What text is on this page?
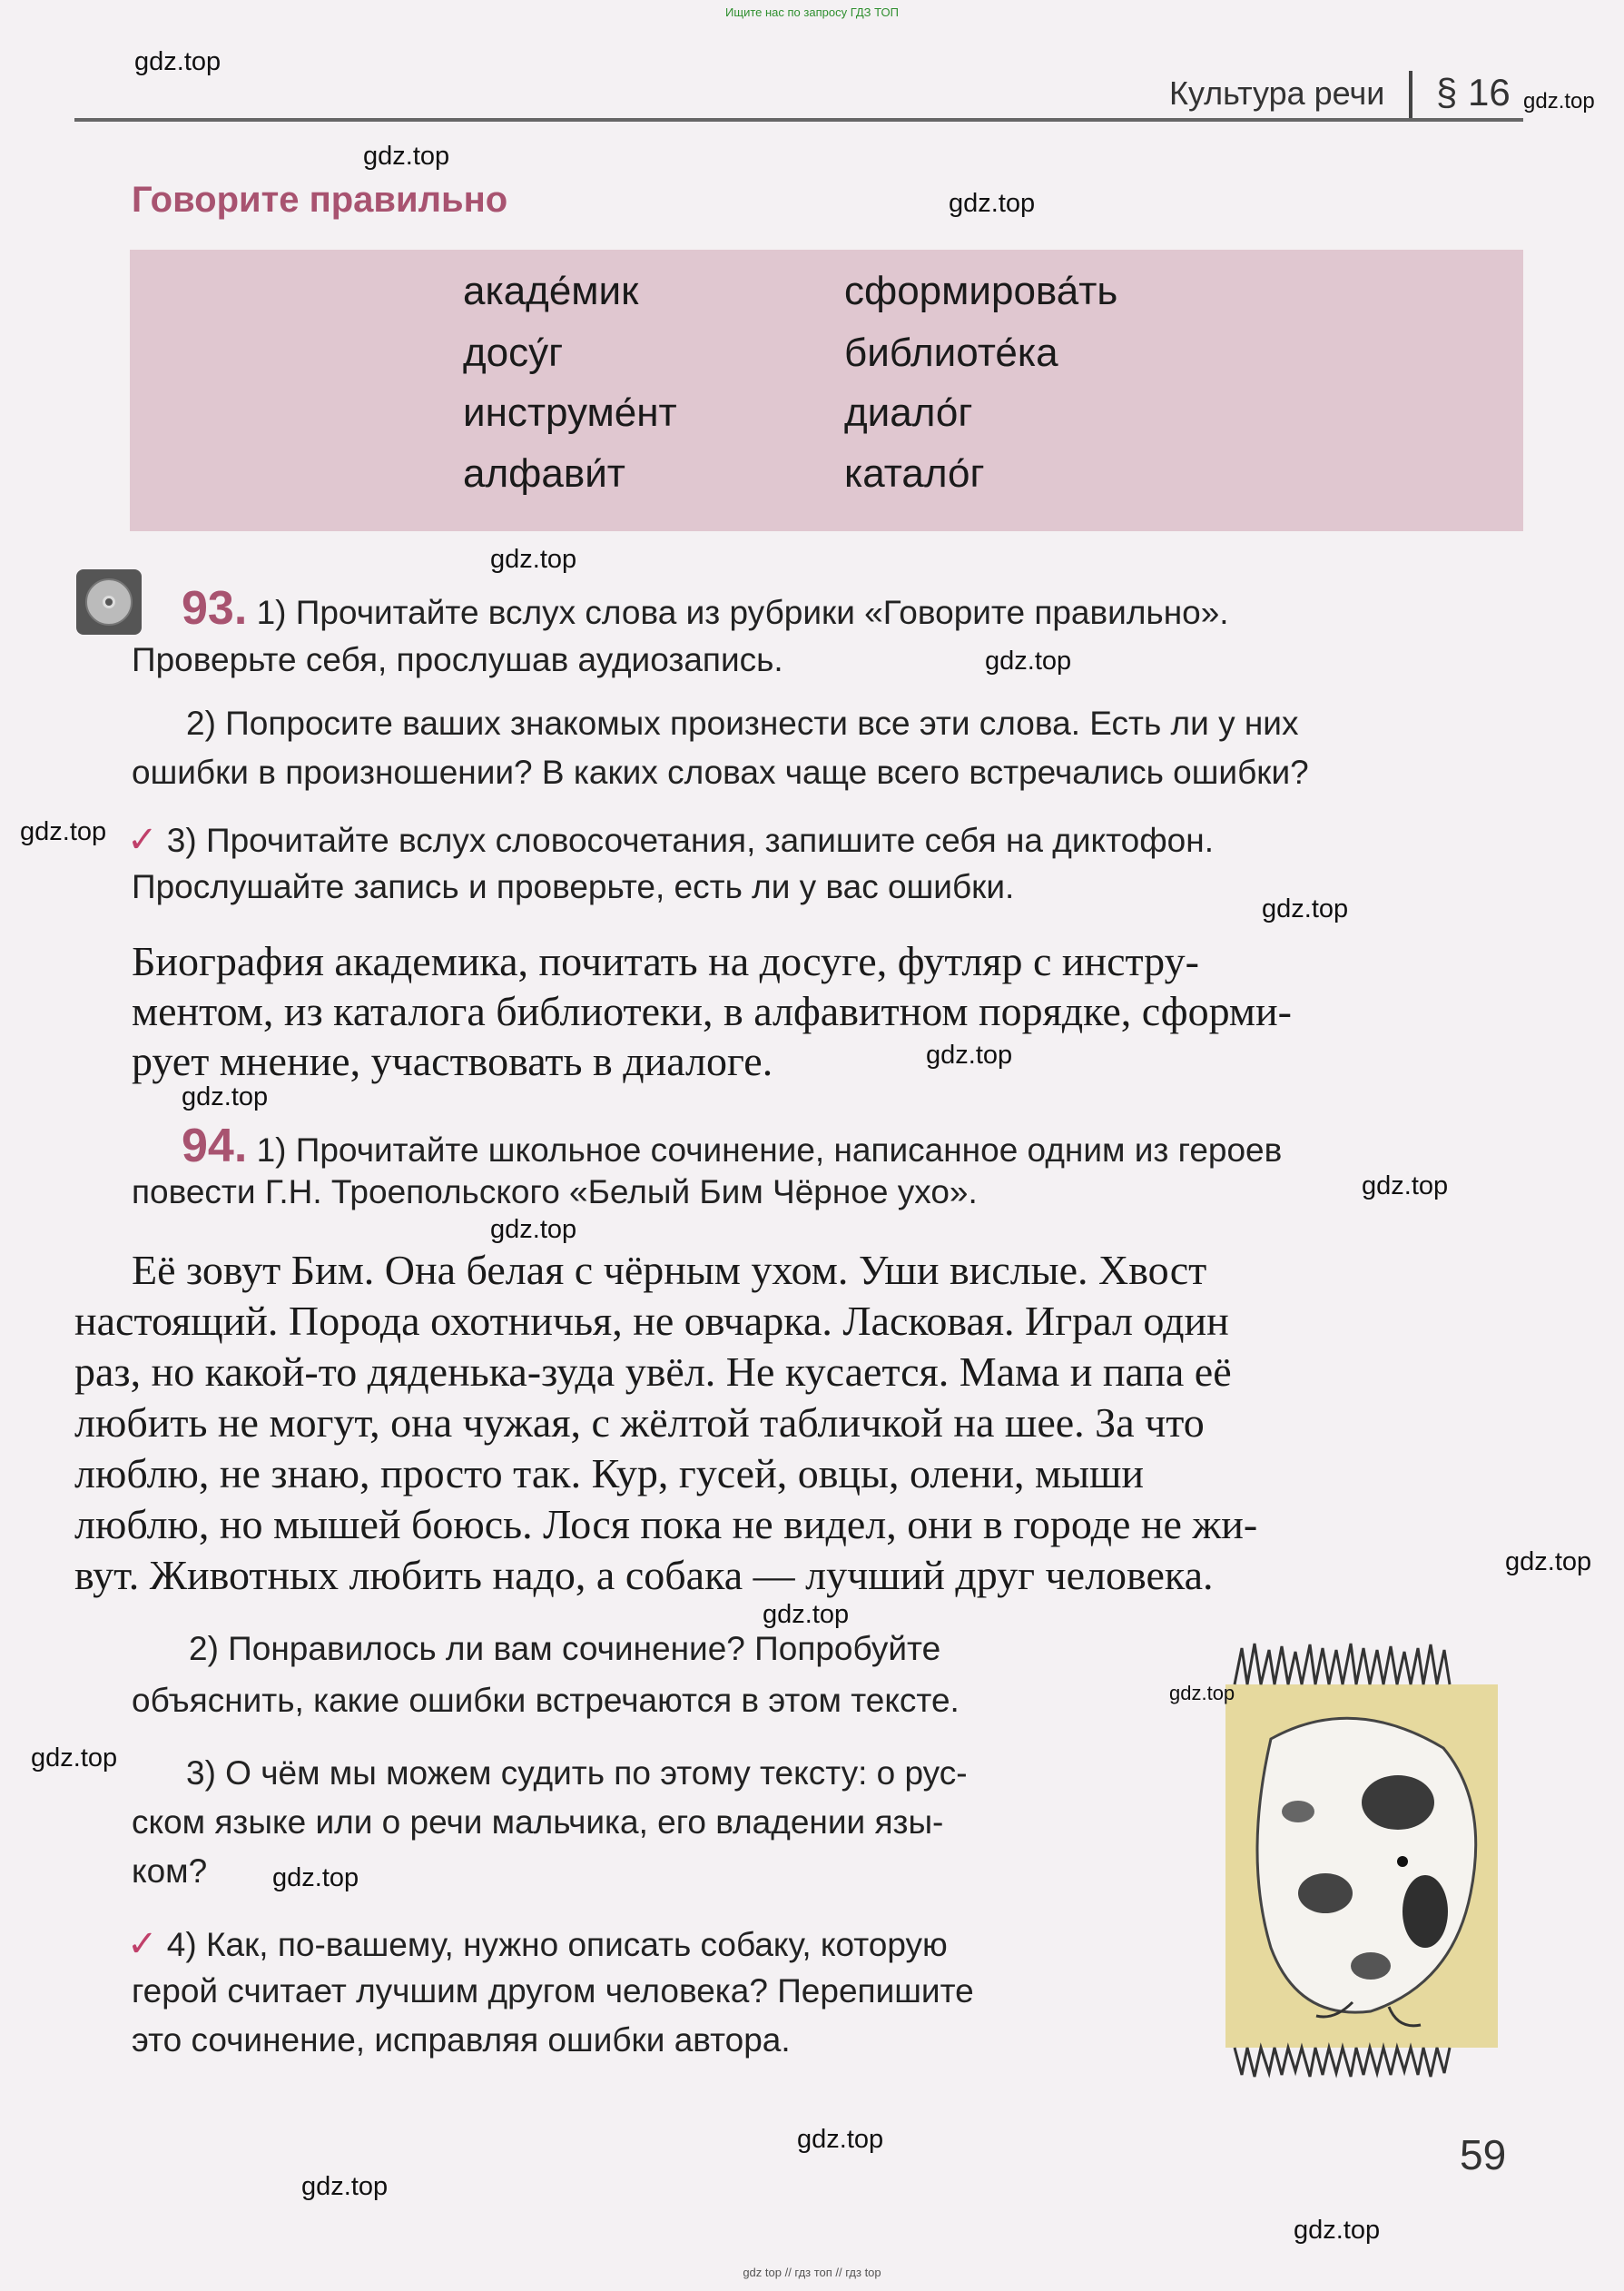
Ищите нас по запросу ГДЗ ТОП
Культура речи § 16
Говорите правильно
акаде́мик
досу́г
инструме́нт
алфави́т
сформирова́ть
библиоте́ка
диало́г
катало́г
93. 1) Прочитайте вслух слова из рубрики «Говорите правильно».
Проверьте себя, прослушав аудиозапись.
2) Попросите ваших знакомых произнести все эти слова. Есть ли у них
ошибки в произношении? В каких словах чаще всего встречались ошибки?
✓ 3) Прочитайте вслух словосочетания, запишите себя на диктофон.
Прослушайте запись и проверьте, есть ли у вас ошибки.
Биография академика, почитать на досуге, футляр с инстру-
ментом, из каталога библиотеки, в алфавитном порядке, сформи-
рует мнение, участвовать в диалоге.
94. 1) Прочитайте школьное сочинение, написанное одним из героев
повести Г.Н. Троепольского «Белый Бим Чёрное ухо».
Её зовут Бим. Она белая с чёрным ухом. Уши вислые. Хвост
настоящий. Порода охотничья, не овчарка. Ласковая. Играл один
раз, но какой-то дяденька-зуда увёл. Не кусается. Мама и папа её
любить не могут, она чужая, с жёлтой табличкой на шее. За что
люблю, не знаю, просто так. Кур, гусей, овцы, олени, мыши
люблю, но мышей боюсь. Лося пока не видел, они в городе не жи-
вут. Животных любить надо, а собака — лучший друг человека.
2) Понравилось ли вам сочинение? Попробуйте
объяснить, какие ошибки встречаются в этом тексте.
3) О чём мы можем судить по этому тексту: о рус-
ском языке или о речи мальчика, его владении язы-
ком?
✓ 4) Как, по-вашему, нужно описать собаку, которую
герой считает лучшим другом человека? Перепишите
это сочинение, исправляя ошибки автора.
59
gdz.top
gdz.top
gdz.top
gdz.top
gdz.top
gdz.top
gdz.top
gdz.top
gdz.top
gdz.top
gdz.top
gdz.top
gdz.top
gdz.top
gdz.top
gdz.top
gdz.top
gdz.top
gdz.top
gdz.top
gdz top // гдз топ // гдз top
